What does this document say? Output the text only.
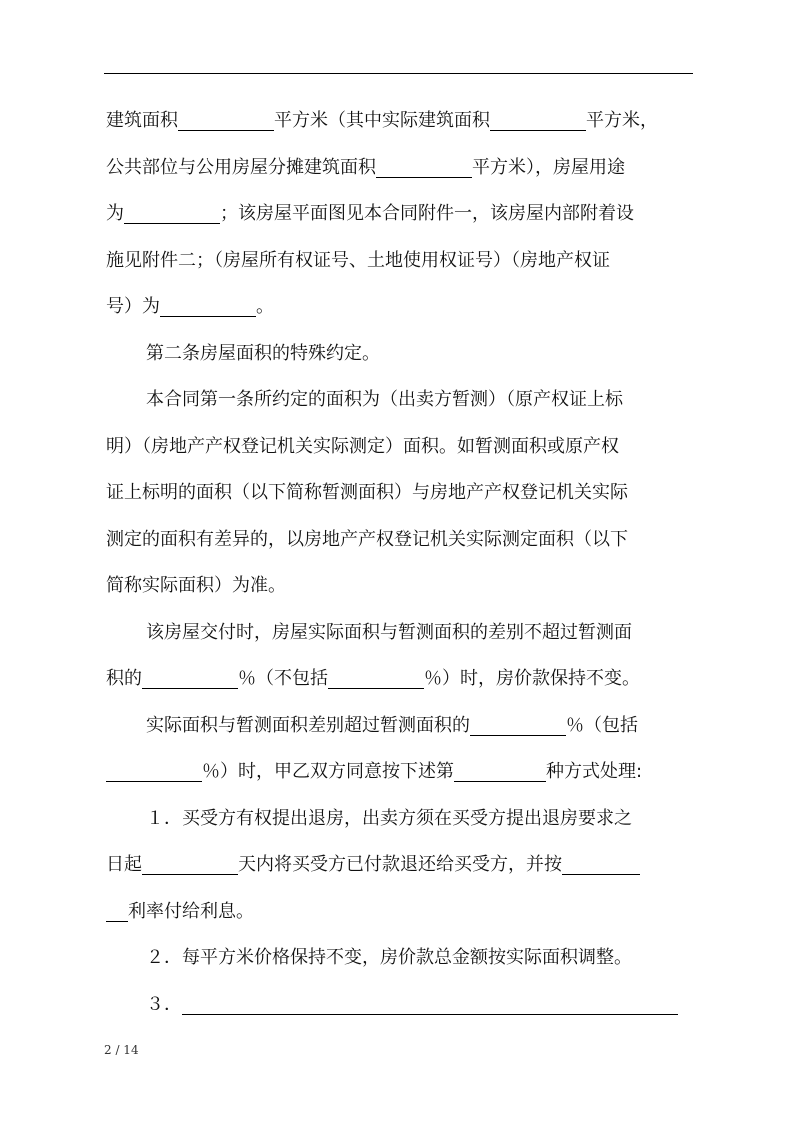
建筑面积	平方米（其中实际建筑面积	平方米，

公共部位与公用房屋分摊建筑面积	平方米），房屋用途

为	；该房屋平面图见本合同附件一，该房屋内部附着设

施见附件二；（房屋所有权证号、土地使用权证号）（房地产权证

号）为	。

第二条房屋面积的特殊约定。

本合同第一条所约定的面积为（出卖方暂测）（原产权证上标

明）（房地产产权登记机关实际测定）面积。如暂测面积或原产权

证上标明的面积（以下简称暂测面积）与房地产产权登记机关实际

测定的面积有差异的，以房地产产权登记机关实际测定面积（以下

简称实际面积）为准。

该房屋交付时，房屋实际面积与暂测面积的差别不超过暂测面

积的	％（不包括	％）时，房价款保持不变。

实际面积与暂测面积差别超过暂测面积的	％（包括

％）时，甲乙双方同意按下述第	种方式处理:

１．买受方有权提出退房，出卖方须在买受方提出退房要求之

日起	天内将买受方已付款退还给买受方，并按

利率付给利息。

２．每平方米价格保持不变，房价款总金额按实际面积调整。

３．

2 / 14
